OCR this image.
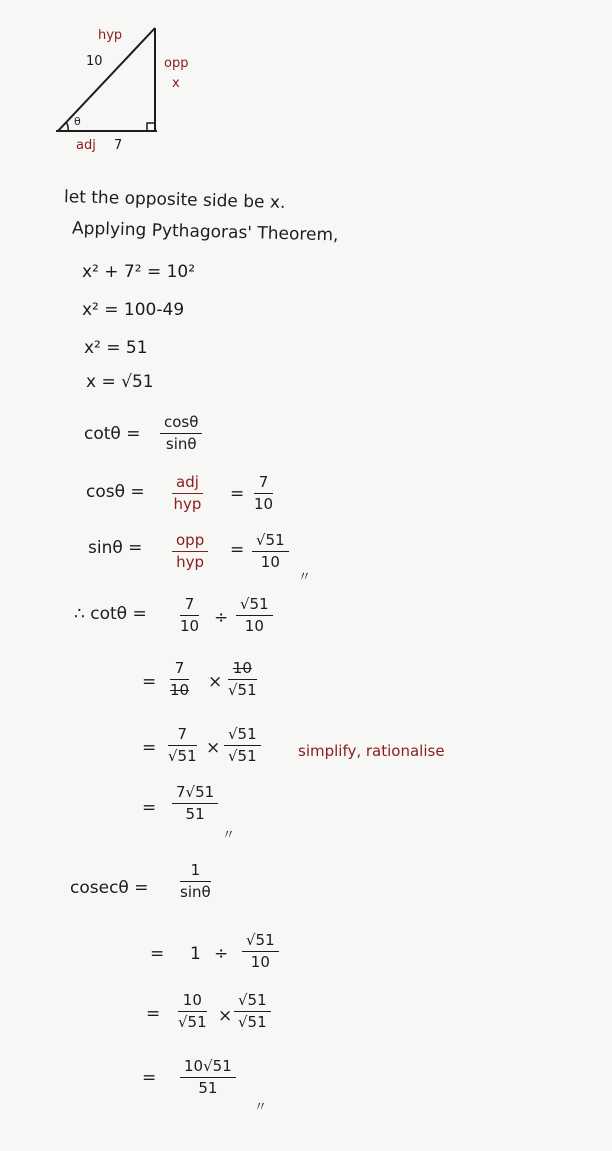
hyp
10	opp
x
θ
adj 7
let the opposite side be x.
Applying Pythagoras' Theorem,
x² + 7² = 10²
x² = 100-49
x² = 51
x = √51
cotθ =
cosθ
sinθ
cosθ = adj
hyp
=
7
10
sinθ = opp
hyp
= √51
10
〃
∴ cotθ =	7
10 ÷
√51
10
=
7
10 ×
10
√51
=
7
√51 ×
√51
√51	simplify, rationalise
=
7√51
51
〃
cosecθ =
1
sinθ
= 1 ÷
√51
10
=
10
√51 ×
√51
√51
=
10√51
51
〃
